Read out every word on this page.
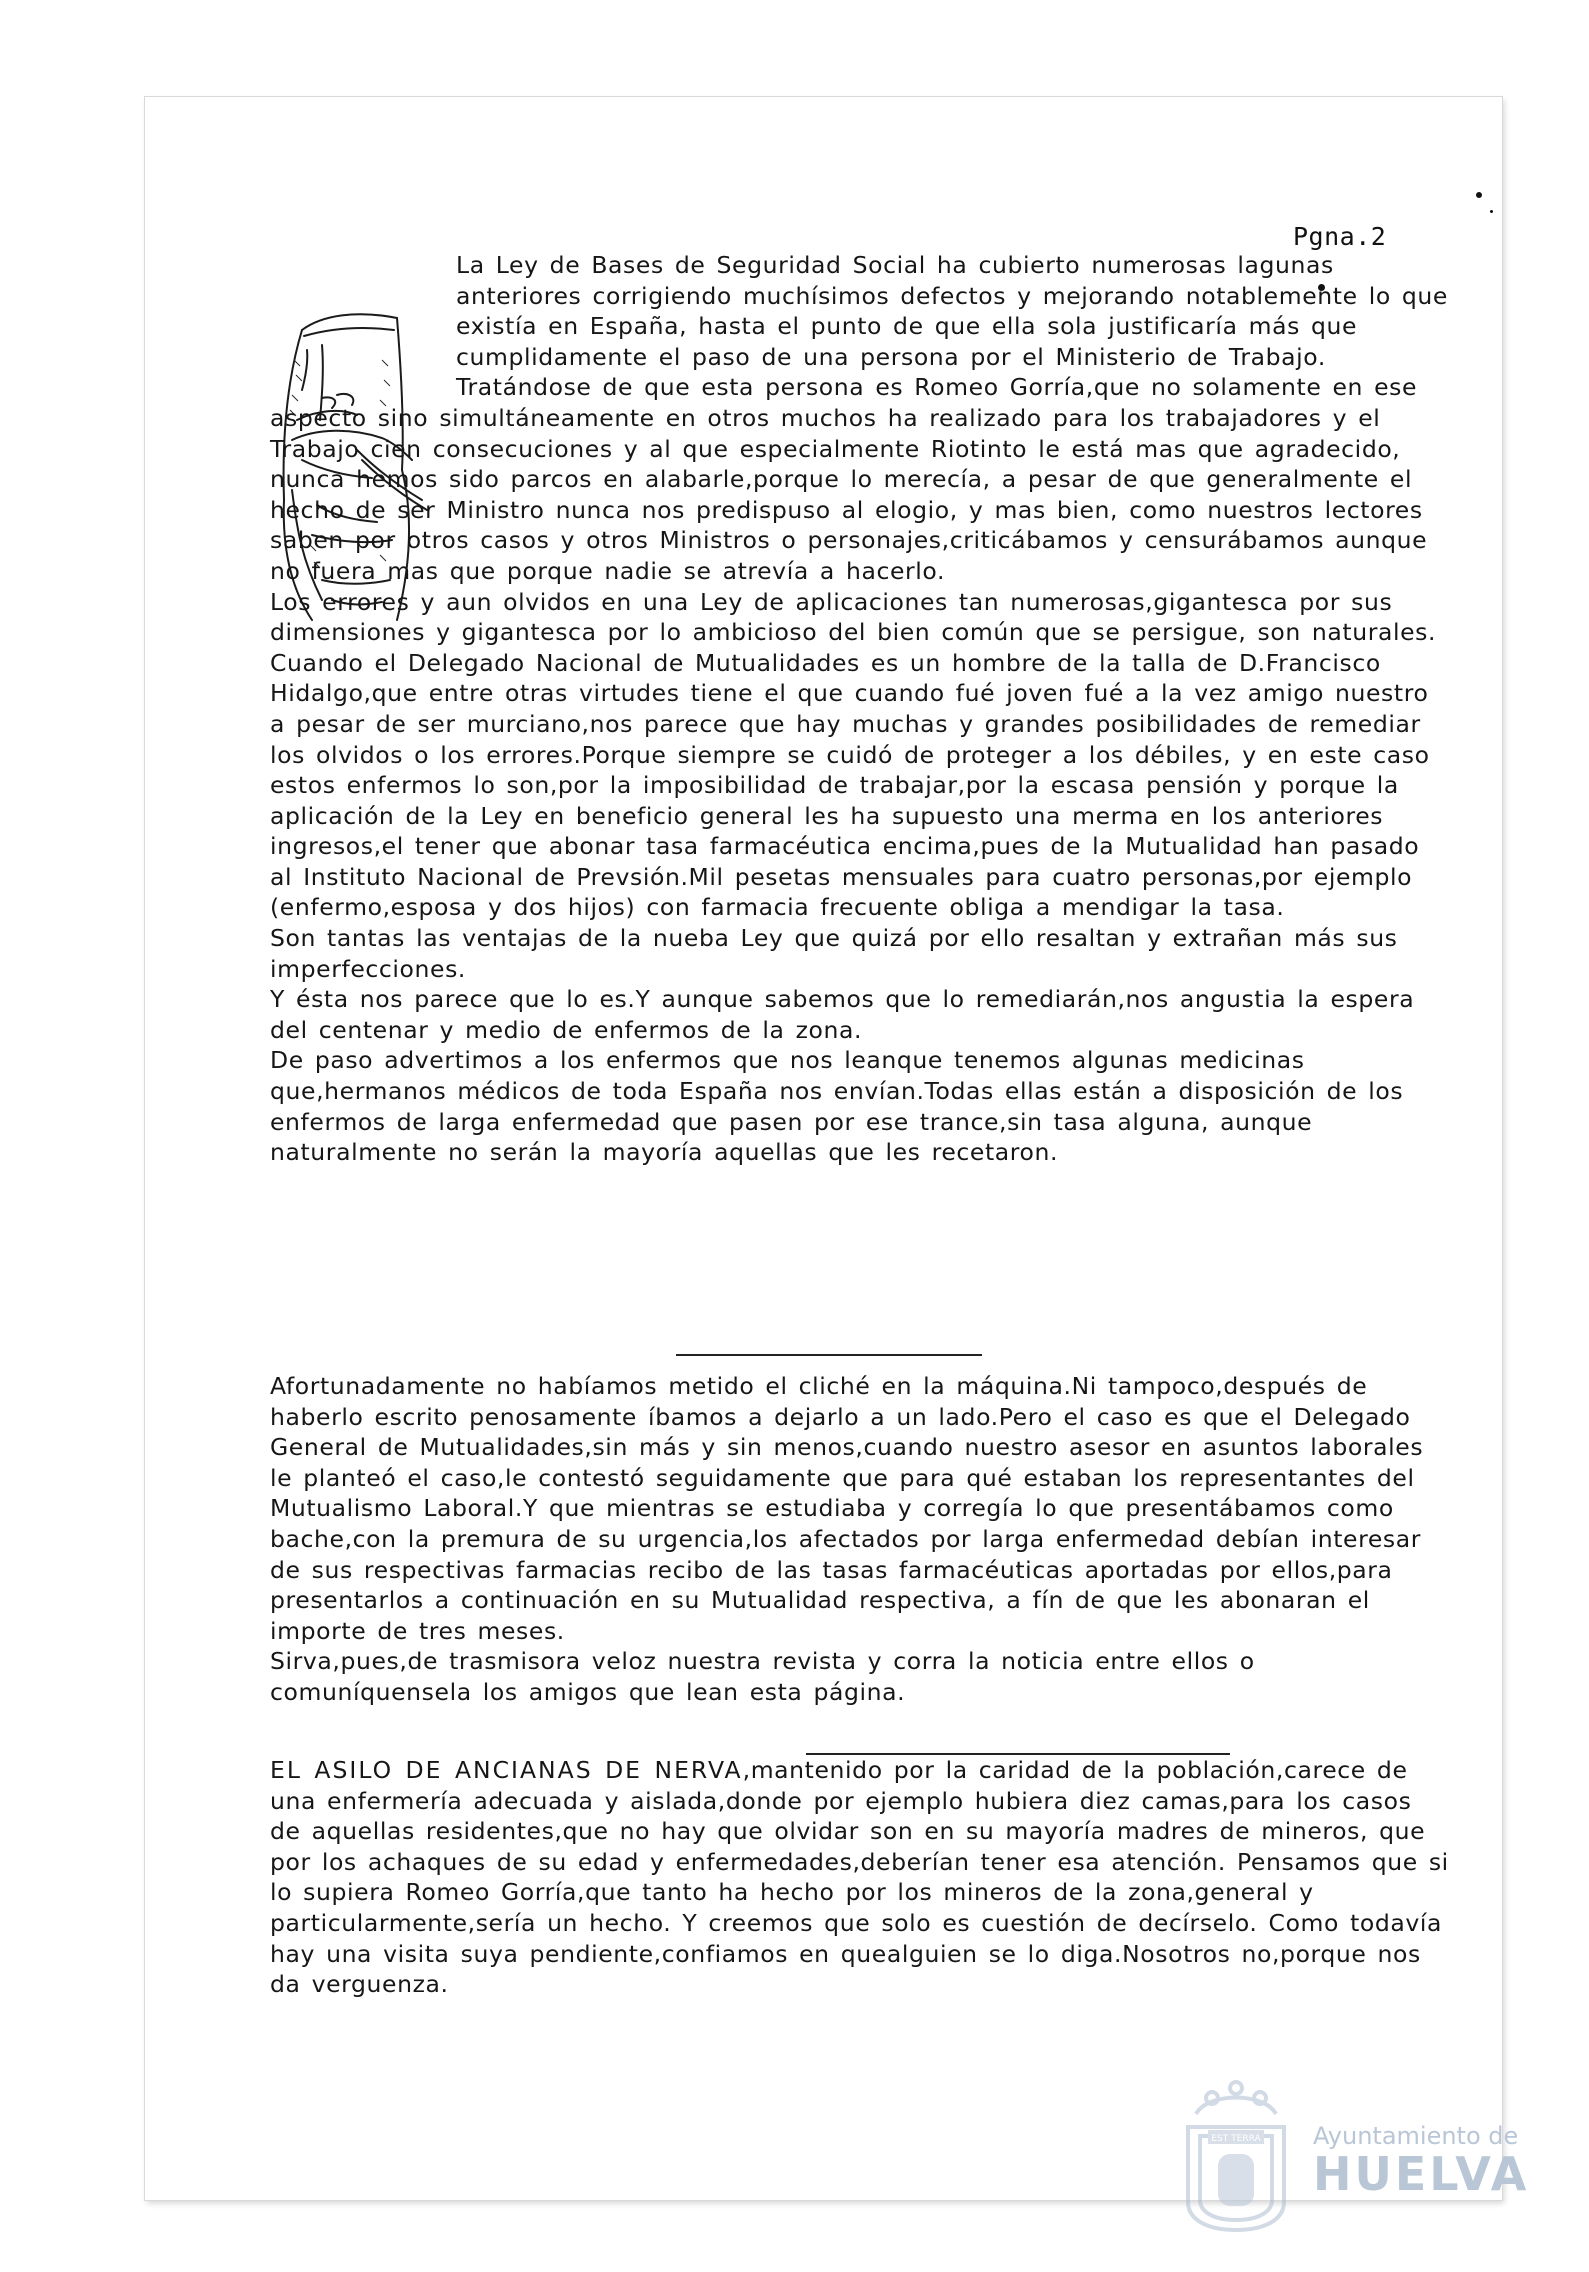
Pgna.2

La Ley de Bases de Seguridad Social ha cubierto numerosas lagunas anteriores corrigiendo muchísimos defectos y mejorando notablemente lo que existía en España, hasta el punto de que ella sola justificaría más que cumplidamente el paso de una persona por el Ministerio de Trabajo.

Tratándose de que esta persona es Romeo Gorría,que no solamente en ese aspecto sino simultáneamente en otros muchos ha realizado para los trabajadores y el Trabajo cien consecuciones y al que especialmente Riotinto le está mas que agradecido, nunca hemos sido parcos en alabarle,porque lo merecía, a pesar de que generalmente el hecho de ser Ministro nunca nos predispuso al elogio, y mas bien, como nuestros lectores saben por otros casos y otros Ministros o personajes,criticábamos y censurábamos aunque no fuera mas que porque nadie se atrevía a hacerlo.

Los errores y aun olvidos en una Ley de aplicaciones tan numerosas,gigantesca por sus dimensiones y gigantesca por lo ambicioso del bien común que se persigue, son naturales.

Cuando el Delegado Nacional de Mutualidades es un hombre de la talla de D.Francisco Hidalgo,que entre otras virtudes tiene el que cuando fué joven fué a la vez amigo nuestro a pesar de ser murciano,nos parece que hay muchas y grandes posibilidades de remediar los olvidos o los errores.Porque siempre se cuidó de proteger a los débiles, y en este caso estos enfermos lo son,por la imposibilidad de trabajar,por la escasa pensión y porque la aplicación de la Ley en beneficio general les ha supuesto una merma en los anteriores ingresos,el tener que abonar tasa farmacéutica encima,pues de la Mutualidad han pasado al Instituto Nacional de Prevsión.Mil pesetas mensuales para cuatro personas,por ejemplo (enfermo,esposa y dos hijos) con farmacia frecuente obliga a mendigar la tasa.

Son tantas las ventajas de la nueba Ley que quizá por ello resaltan y extrañan más sus imperfecciones.

Y ésta nos parece que lo es.Y aunque sabemos que lo remediarán,nos angustia la espera del centenar y medio de enfermos de la zona.

De paso advertimos a los enfermos que nos leanque tenemos algunas medicinas que,hermanos médicos de toda España nos envían.Todas ellas están a disposición de los enfermos de larga enfermedad que pasen por ese trance,sin tasa alguna, aunque naturalmente no serán la mayoría aquellas que les recetaron.

Afortunadamente no habíamos metido el cliché en la máquina.Ni tampoco,después de haberlo escrito penosamente íbamos a dejarlo a un lado.Pero el caso es que el Delegado General de Mutualidades,sin más y sin menos,cuando nuestro asesor en asuntos laborales le planteó el caso,le contestó seguidamente que para qué estaban los representantes del Mutualismo Laboral.Y que mientras se estudiaba y corregía lo que presentábamos como bache,con la premura de su urgencia,los afectados por larga enfermedad debían interesar de sus respectivas farmacias recibo de las tasas farmacéuticas aportadas por ellos,para presentarlos a continuación en su Mutualidad respectiva, a fín de que les abonaran el importe de tres meses.

Sirva,pues,de trasmisora veloz nuestra revista y corra la noticia entre ellos o comuníquensela los amigos que lean esta página.

EL ASILO DE ANCIANAS DE NERVA,mantenido por la caridad de la población,carece de una enfermería adecuada y aislada,donde por ejemplo hubiera diez camas,para los casos de aquellas residentes,que no hay que olvidar son en su mayoría madres de mineros, que por los achaques de su edad y enfermedades,deberían tener esa atención. Pensamos que si lo supiera Romeo Gorría,que tanto ha hecho por los mineros de la zona,general y particularmente,sería un hecho. Y creemos que solo es cuestión de decírselo. Como todavía hay una visita suya pendiente,confiamos en quealguien se lo diga.Nosotros no,porque nos da verguenza.

EST TERRA Ayuntamiento de
HUELVA
